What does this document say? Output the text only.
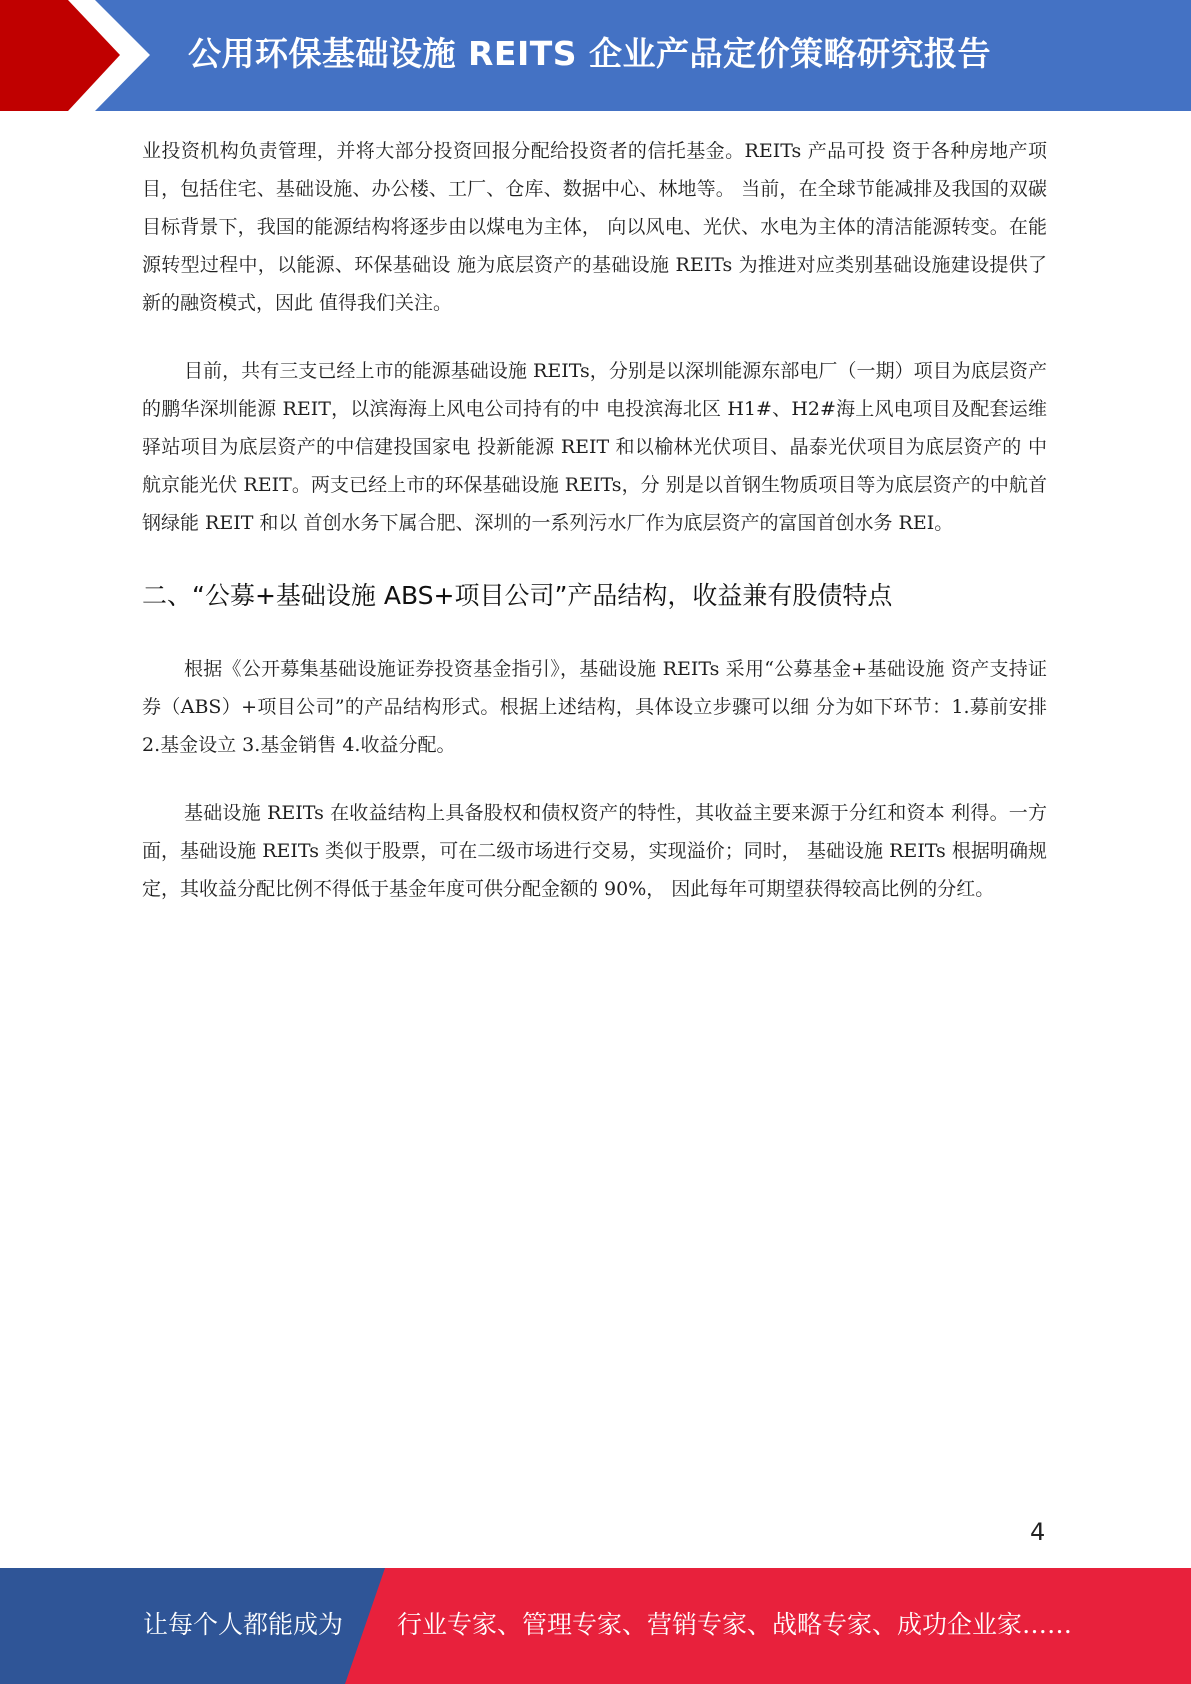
公用环保基础设施 REITS 企业产品定价策略研究报告

业投资机构负责管理，并将大部分投资回报分配给投资者的信托基金。REITs 产品可投 资于各种房地产项目，包括住宅、基础设施、办公楼、工厂、仓库、数据中心、林地等。 当前，在全球节能减排及我国的双碳目标背景下，我国的能源结构将逐步由以煤电为主体， 向以风电、光伏、水电为主体的清洁能源转变。在能源转型过程中，以能源、环保基础设 施为底层资产的基础设施 REITs 为推进对应类别基础设施建设提供了新的融资模式，因此 值得我们关注。

目前，共有三支已经上市的能源基础设施 REITs，分别是以深圳能源东部电厂（一期）项目为底层资产的鹏华深圳能源 REIT，以滨海海上风电公司持有的中 电投滨海北区 H1#、H2#海上风电项目及配套运维驿站项目为底层资产的中信建投国家电 投新能源 REIT 和以榆林光伏项目、晶泰光伏项目为底层资产的 中航京能光伏 REIT。两支已经上市的环保基础设施 REITs，分 别是以首钢生物质项目等为底层资产的中航首钢绿能 REIT 和以 首创水务下属合肥、深圳的一系列污水厂作为底层资产的富国首创水务 REI。

二、“公募+基础设施 ABS+项目公司”产品结构，收益兼有股债特点

根据《公开募集基础设施证券投资基金指引》，基础设施 REITs 采用“公募基金+基础设施 资产支持证券（ABS）+项目公司”的产品结构形式。根据上述结构，具体设立步骤可以细 分为如下环节：1.募前安排 2.基金设立 3.基金销售 4.收益分配。

基础设施 REITs 在收益结构上具备股权和债权资产的特性，其收益主要来源于分红和资本 利得。一方面，基础设施 REITs 类似于股票，可在二级市场进行交易，实现溢价；同时， 基础设施 REITs 根据明确规定，其收益分配比例不得低于基金年度可供分配金额的 90%， 因此每年可期望获得较高比例的分红。

4
让每个人都能成为 行业专家、管理专家、营销专家、战略专家、成功企业家……
